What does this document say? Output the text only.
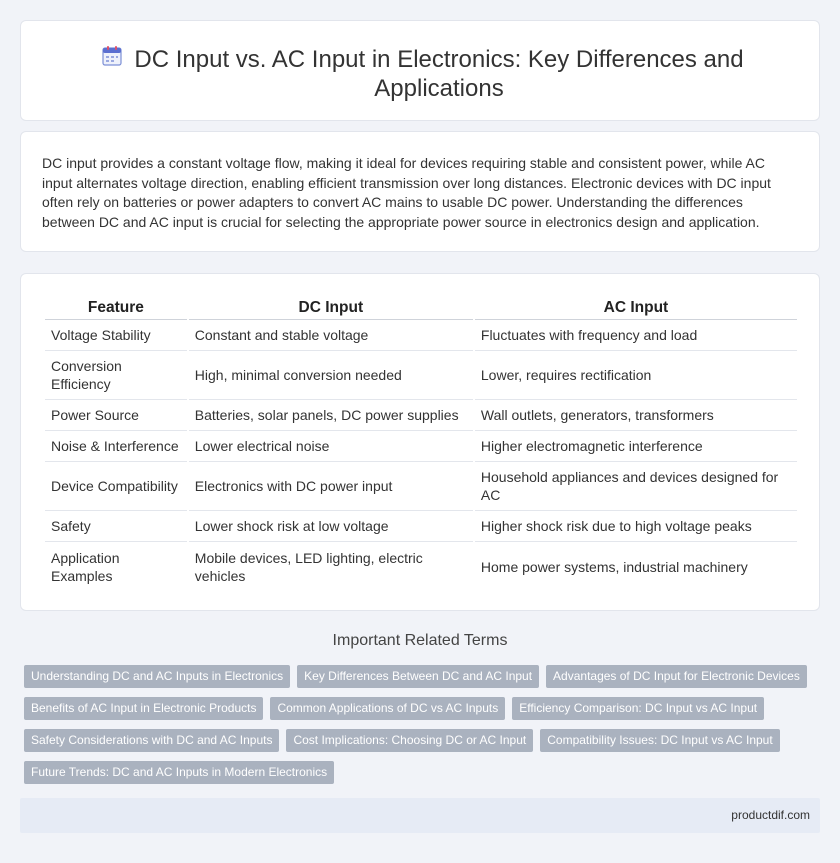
DC Input vs. AC Input in Electronics: Key Differences and Applications

DC input provides a constant voltage flow, making it ideal for devices requiring stable and consistent power, while AC input alternates voltage direction, enabling efficient transmission over long distances. Electronic devices with DC input often rely on batteries or power adapters to convert AC mains to usable DC power. Understanding the differences between DC and AC input is crucial for selecting the appropriate power source in electronics design and application.

Feature	DC Input	AC Input
Voltage Stability	Constant and stable voltage	Fluctuates with frequency and load
Conversion Efficiency	High, minimal conversion needed	Lower, requires rectification
Power Source	Batteries, solar panels, DC power supplies	Wall outlets, generators, transformers
Noise & Interference	Lower electrical noise	Higher electromagnetic interference
Device Compatibility	Electronics with DC power input	Household appliances and devices designed for AC
Safety	Lower shock risk at low voltage	Higher shock risk due to high voltage peaks
Application Examples	Mobile devices, LED lighting, electric vehicles	Home power systems, industrial machinery
Important Related Terms
Understanding DC and AC Inputs in Electronics	Key Differences Between DC and AC Input	Advantages of DC Input for Electronic Devices
Benefits of AC Input in Electronic Products	Common Applications of DC vs AC Inputs	Efficiency Comparison: DC Input vs AC Input
Safety Considerations with DC and AC Inputs	Cost Implications: Choosing DC or AC Input	Compatibility Issues: DC Input vs AC Input
Future Trends: DC and AC Inputs in Modern Electronics
productdif.com
